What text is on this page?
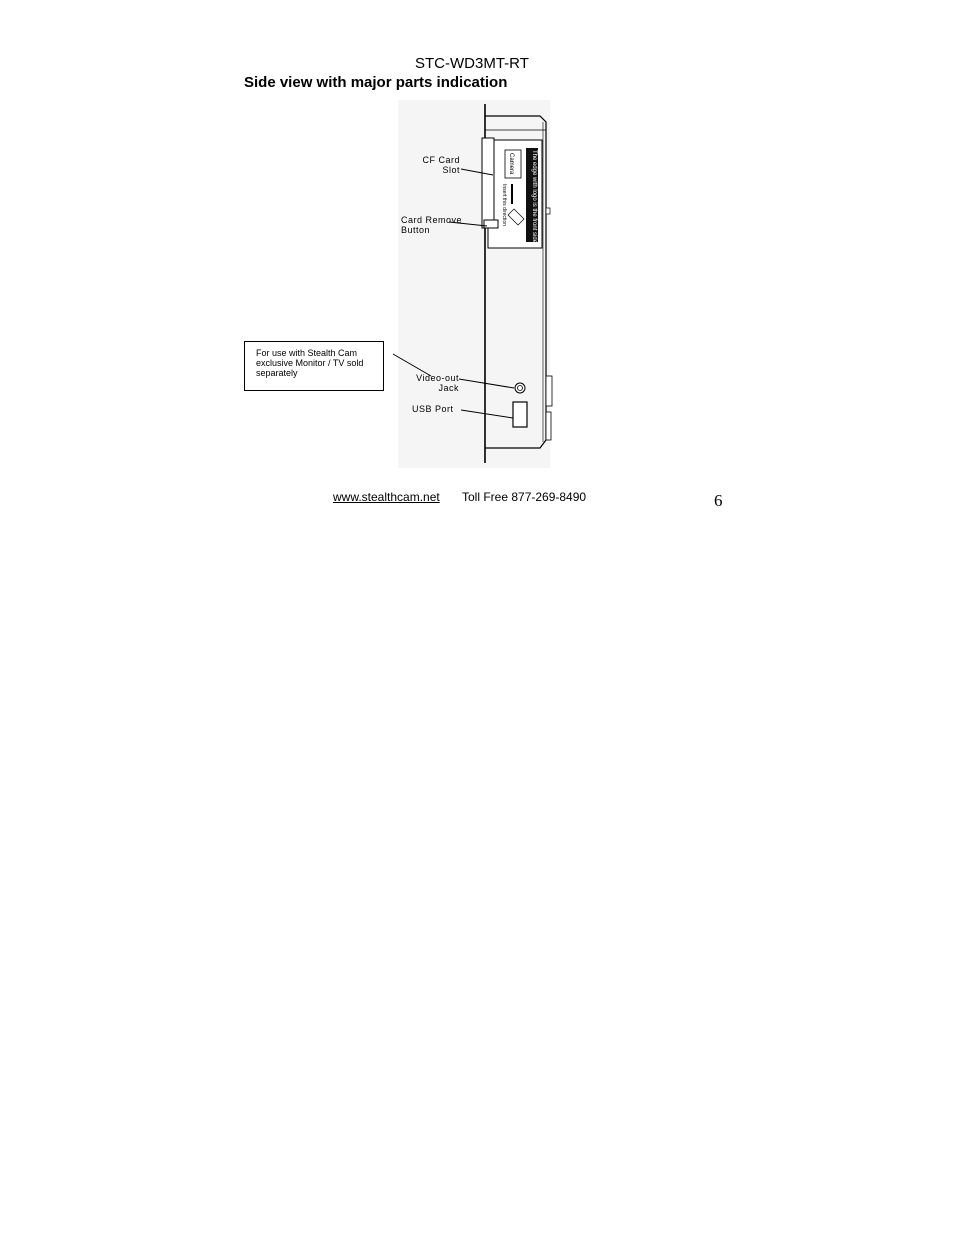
STC-WD3MT-RT
Side view with major parts indication
The edge with logo is the front side
Camera
Insert this direction
CF Card
Slot
Card Remove
Button
Video-out
Jack
USB Port
For use with Stealth Cam exclusive Monitor / TV sold separately
www.stealthcam.net Toll Free 877-269-8490	6
